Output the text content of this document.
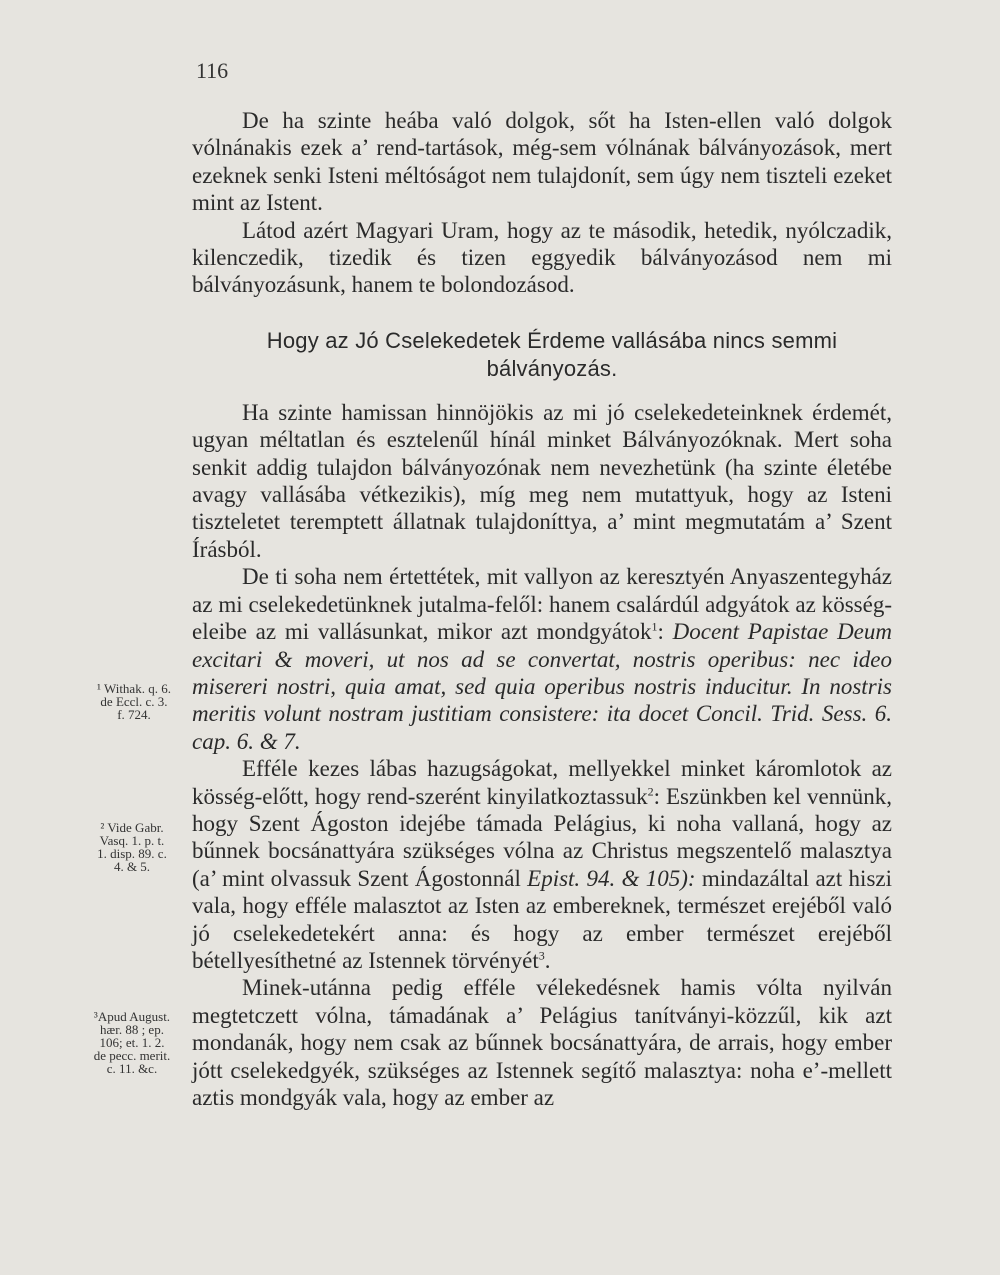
116

De ha szinte heába való dolgok, sőt ha Isten-ellen való dolgok vólnánakis ezek a’ rend-tartások, még-sem vólnának bálványozások, mert ezeknek senki Isteni méltóságot nem tulajdonít, sem úgy nem tiszteli ezeket mint az Istent.

Látod azért Magyari Uram, hogy az te második, hetedik, nyólczadik, kilenczedik, tizedik és tizen eggyedik bálványozásod nem mi bálványozásunk, hanem te bolondozásod.

Hogy az Jó Cselekedetek Érdeme vallásába nincs semmi bálványozás.

Ha szinte hamissan hinnöjökis az mi jó cselekedeteinknek érdemét, ugyan méltatlan és esztelenűl hínál minket Bálványozóknak. Mert soha senkit addig tulajdon bálványozónak nem nevezhetünk (ha szinte életébe avagy vallásába vétkezikis), míg meg nem mutattyuk, hogy az Isteni tiszteletet teremptett állatnak tulajdoníttya, a’ mint megmutatám a’ Szent Írásból.

De ti soha nem értettétek, mit vallyon az keresztyén Anyaszentegyház az mi cselekedetünknek jutalma-felől: hanem csalárdúl adgyátok az kösség-eleibe az mi vallásunkat, mikor azt mondgyátok$^1$: Docent Papistae Deum excitari & moveri, ut nos ad se convertat, nostris operibus: nec ideo misereri nostri, quia amat, sed quia operibus nostris inducitur. In nostris meritis volunt nostram justitiam consistere: ita docet Concil. Trid. Sess. 6. cap. 6. & 7.

Efféle kezes lábas hazugságokat, mellyekkel minket káromlotok az kösség-előtt, hogy rend-szerént kinyilatkoztassuk$^2$: Eszünkben kel vennünk, hogy Szent Ágoston idejébe támada Pelágius, ki noha vallaná, hogy az bűnnek bocsánattyára szükséges vólna az Christus megszentelő malasztya (a’ mint olvassuk Szent Ágostonnál Epist. 94. & 105): mindazáltal azt hiszi vala, hogy efféle malasztot az Isten az embereknek, természet erejéből való jó cselekedetekért anna: és hogy az ember természet erejéből bétellyesíthetné az Istennek törvényét$^3$.

Minek-utánna pedig efféle vélekedésnek hamis vólta nyilván megtetczett vólna, támadának a’ Pelágius tanítványi-közzűl, kik azt mondanák, hogy nem csak az bűnnek bocsánattyára, de arrais, hogy ember jótt cselekedgyék, szükséges az Istennek segítő malasztya: noha e’-mellett aztis mondgyák vala, hogy az ember az

¹ Withak. q. 6.
de Eccl. c. 3.
f. 724.
² Vide Gabr.
Vasq. 1. p. t.
1. disp. 89. c.
4. & 5.
³Apud August.
hær. 88 ; ep.
106; et. 1. 2.
de pecc. merit.
c. 11. &c.
